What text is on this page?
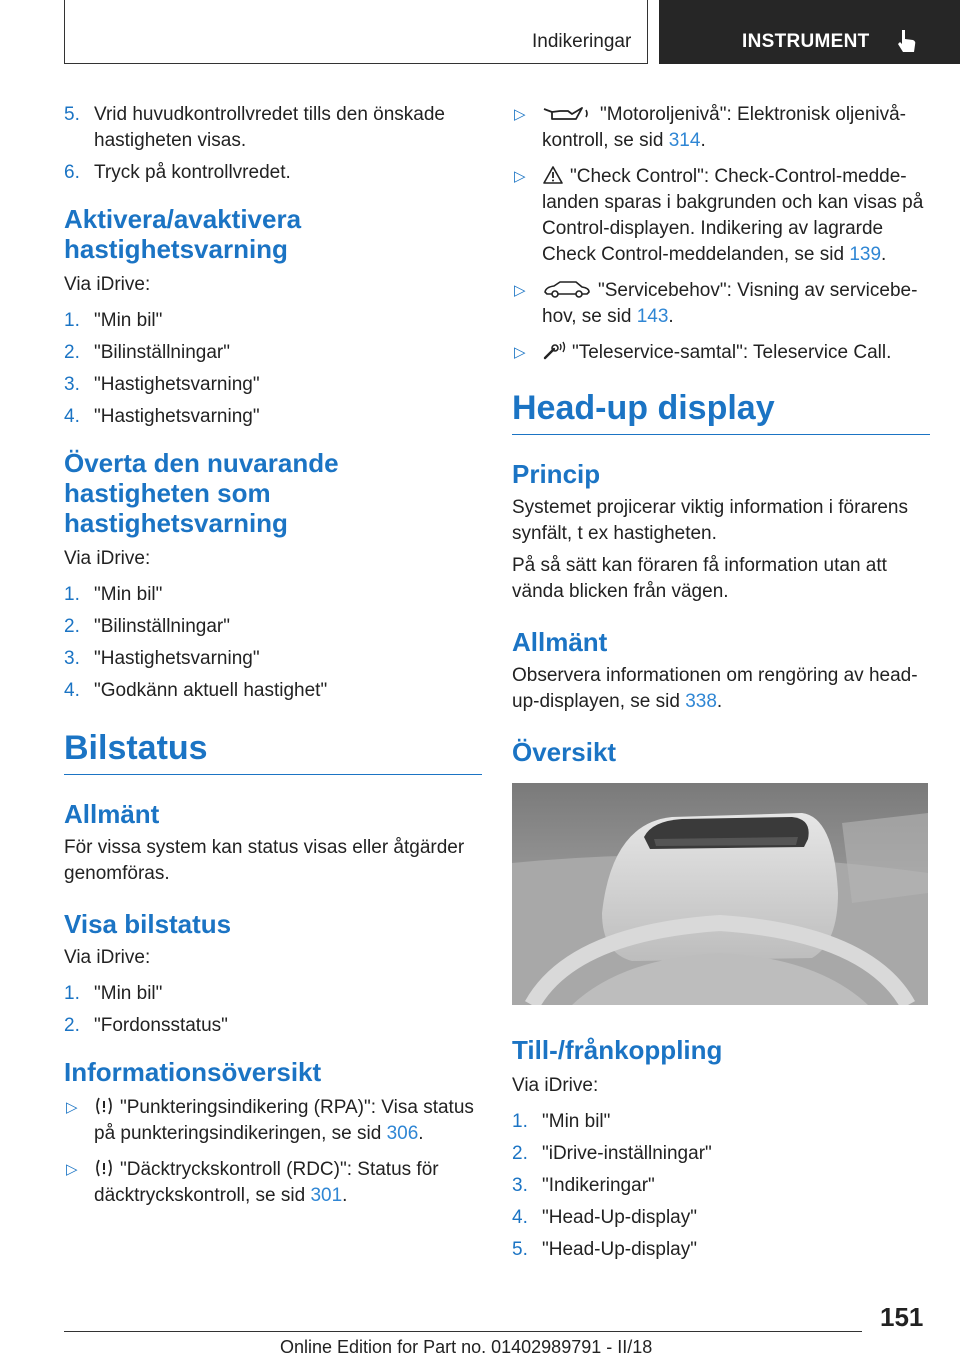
Indikeringar	INSTRUMENT
5. Vrid huvudkontrollvredet tills den önskade hastigheten visas.
6. Tryck på kontrollvredet.
Aktivera/avaktivera hastighetsvarning

Via iDrive:

1. "Min bil"
2. "Bilinställningar"
3. "Hastighetsvarning"
4. "Hastighetsvarning"
Överta den nuvarande hastigheten som hastighetsvarning

Via iDrive:

1. "Min bil"
2. "Bilinställningar"
3. "Hastighetsvarning"
4. "Godkänn aktuell hastighet"
Bilstatus
Allmänt

För vissa system kan status visas eller åtgärder genomföras.

Visa bilstatus

Via iDrive:

1. "Min bil"
2. "Fordonsstatus"
Informationsöversikt
▷ "Punkteringsindikering (RPA)": Visa status på punkteringsindikeringen, se sid 306.
▷ "Däcktryckskontroll (RDC)": Status för däcktryckskontroll, se sid 301.
▷	"Motoroljenivå": Elektronisk oljenivå- kontroll, se sid 314.
▷ "Check Control": Check-Control-medde- landen sparas i bakgrunden och kan visas på Control-displayen. Indikering av lagrarde Check Control-meddelanden, se sid 139.
▷	"Servicebehov": Visning av servicebe- hov, se sid 143.
▷ "Teleservice-samtal": Teleservice Call.
Head-up display
Princip

Systemet projicerar viktig information i förarens synfält, t ex hastigheten.

På så sätt kan föraren få information utan att vända blicken från vägen.

Allmänt

Observera informationen om rengöring av head- up-displayen, se sid 338.

Översikt
Till-/frånkoppling

Via iDrive:

1. "Min bil"
2. "iDrive-inställningar"
3. "Indikeringar"
4. "Head-Up-display"
5. "Head-Up-display"
151
Online Edition for Part no. 01402989791 - II/18
